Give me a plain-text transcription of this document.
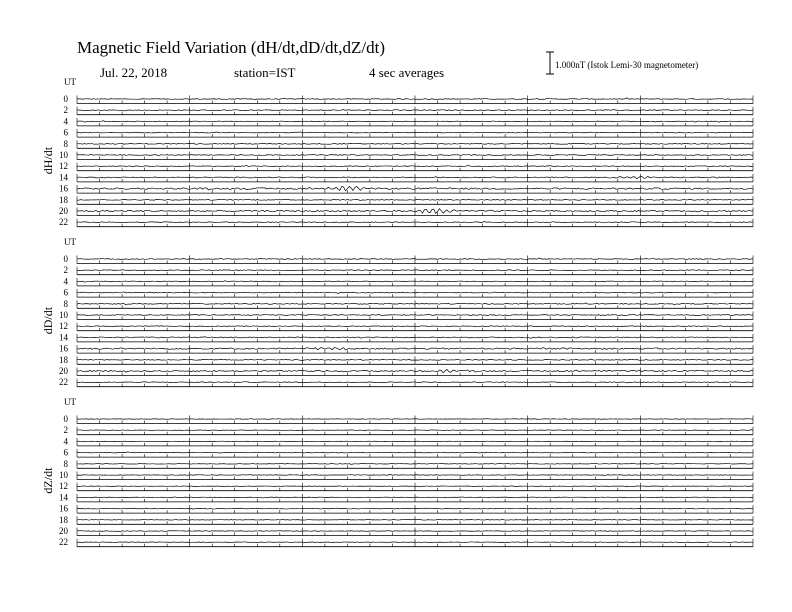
Magnetic Field Variation (dH/dt,dD/dt,dZ/dt)
Jul. 22, 2018	station=IST	4 sec averages	1.000nT (Istok Lemi-30 magnetometer)
UT
dH/dt
0
2
4
6
8
10
12
14
16
18
20
22
UT
dD/dt
0
2
4
6
8
10
12
14
16
18
20
22
UT
dZ/dt
0
2
4
6
8
10
12
14
16
18
20
22
